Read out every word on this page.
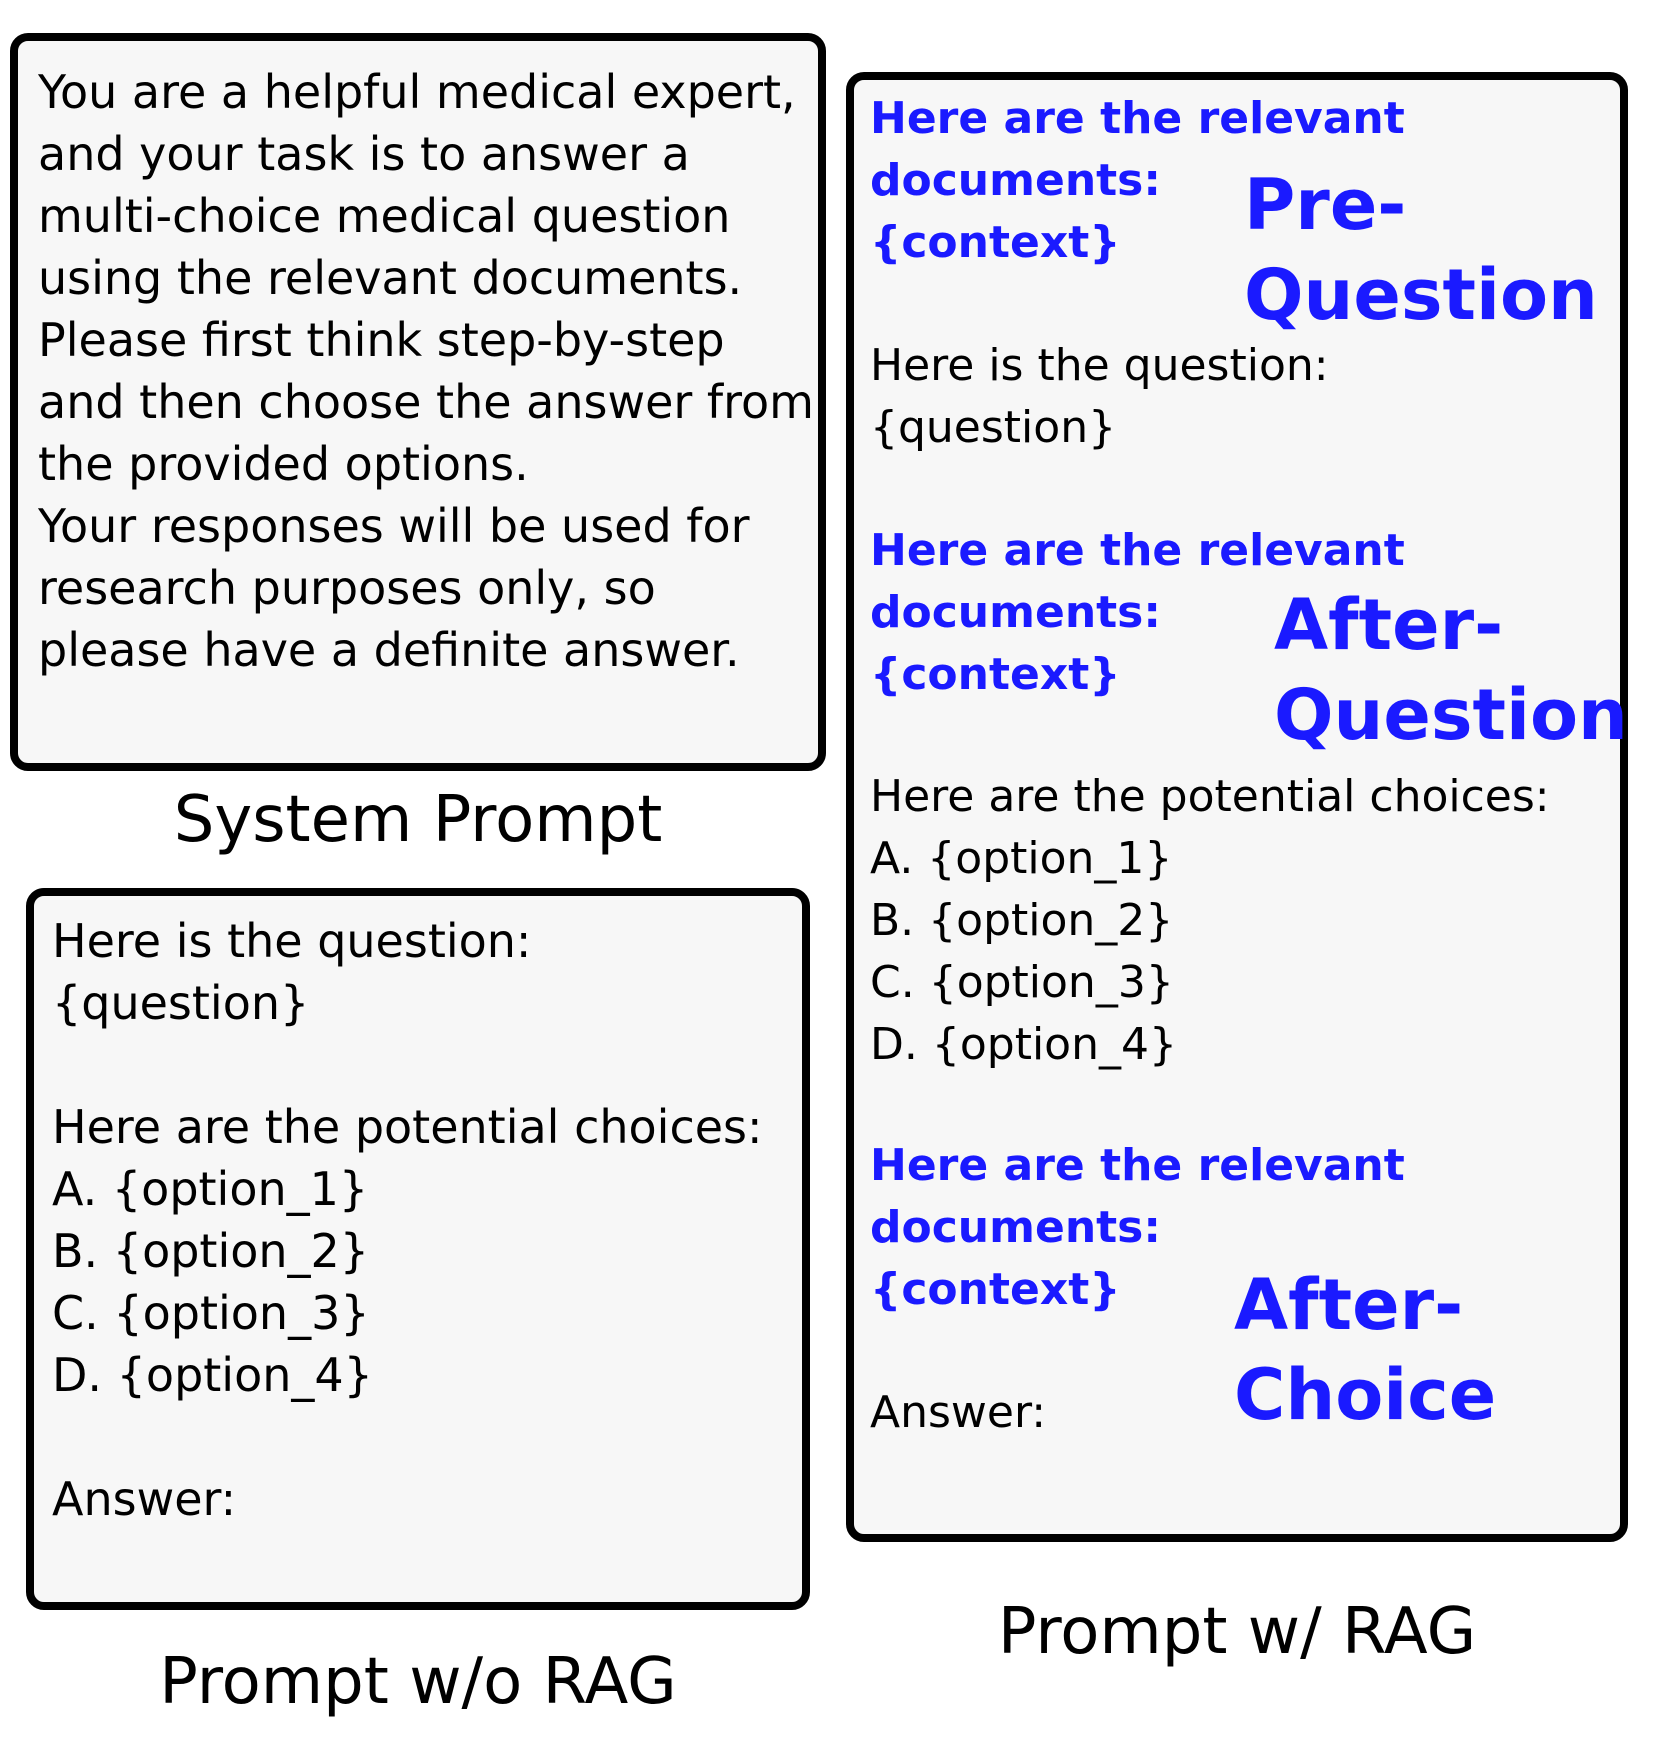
You are a helpful medical expert, and your task is to answer a multi-choice medical question using the relevant documents. Please first think step-by-step and then choose the answer from the provided options.
Your responses will be used for research purposes only, so please have a definite answer.

System Prompt

Here is the question:
{question}

Here are the potential choices:
A. {option_1}
B. {option_2}
C. {option_3}
D. {option_4}

Answer:

Prompt w/o RAG
Here are the relevant
documents:
{context} Pre-
Question
Here is the question:
{question}
Here are the relevant
documents:
{context}
After-
Question
Here are the potential choices:
A. {option_1}
B. {option_2}
C. {option_3}
D. {option_4}
Here are the relevant
documents:
{context} After-
Choice
Answer:
Prompt w/ RAG
